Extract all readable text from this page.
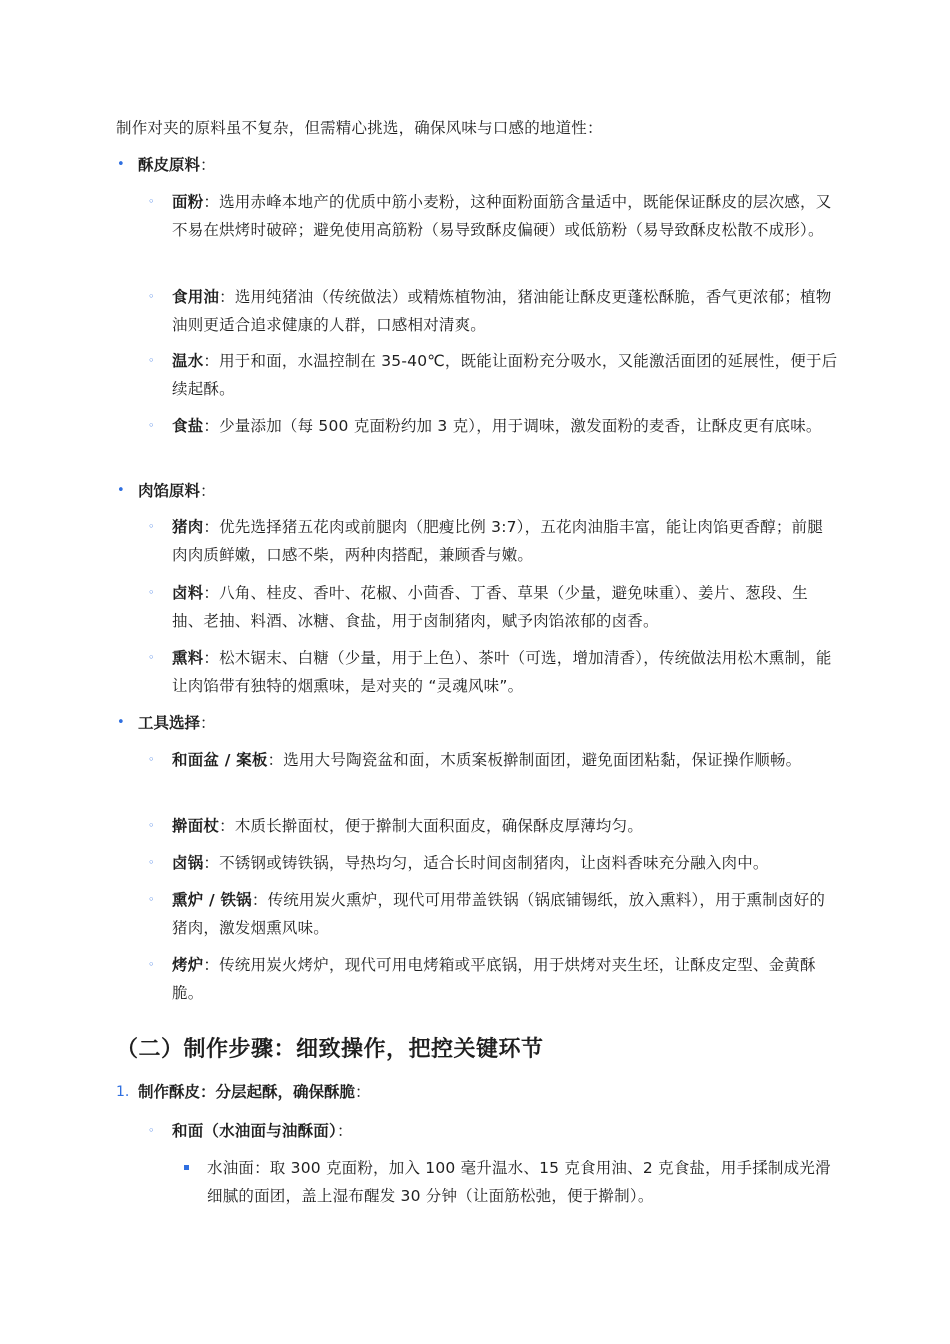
制作对夹的原料虽不复杂，但需精心挑选，确保风味与口感的地道性：
• 酥皮原料：
◦ 面粉：选用赤峰本地产的优质中筋小麦粉，这种面粉面筋含量适中，既能保证酥皮的层次感，又不易在烘烤时破碎；避免使用高筋粉（易导致酥皮偏硬）或低筋粉（易导致酥皮松散不成形）。
◦ 食用油：选用纯猪油（传统做法）或精炼植物油，猪油能让酥皮更蓬松酥脆，香气更浓郁；植物油则更适合追求健康的人群，口感相对清爽。
◦ 温水：用于和面，水温控制在 35-40℃，既能让面粉充分吸水，又能激活面团的延展性，便于后续起酥。
◦ 食盐：少量添加（每 500 克面粉约加 3 克），用于调味，激发面粉的麦香，让酥皮更有底味。
• 肉馅原料：
◦ 猪肉：优先选择猪五花肉或前腿肉（肥瘦比例 3:7），五花肉油脂丰富，能让肉馅更香醇；前腿肉肉质鲜嫩，口感不柴，两种肉搭配，兼顾香与嫩。
◦ 卤料：八角、桂皮、香叶、花椒、小茴香、丁香、草果（少量，避免味重）、姜片、葱段、生抽、老抽、料酒、冰糖、食盐，用于卤制猪肉，赋予肉馅浓郁的卤香。
◦ 熏料：松木锯末、白糖（少量，用于上色）、茶叶（可选，增加清香），传统做法用松木熏制，能让肉馅带有独特的烟熏味，是对夹的 “灵魂风味”。
• 工具选择：
◦ 和面盆 / 案板：选用大号陶瓷盆和面，木质案板擀制面团，避免面团粘黏，保证操作顺畅。
◦ 擀面杖：木质长擀面杖，便于擀制大面积面皮，确保酥皮厚薄均匀。
◦ 卤锅：不锈钢或铸铁锅，导热均匀，适合长时间卤制猪肉，让卤料香味充分融入肉中。
◦ 熏炉 / 铁锅：传统用炭火熏炉，现代可用带盖铁锅（锅底铺锡纸，放入熏料），用于熏制卤好的猪肉，激发烟熏风味。
◦ 烤炉：传统用炭火烤炉，现代可用电烤箱或平底锅，用于烘烤对夹生坯，让酥皮定型、金黄酥脆。
（二）制作步骤：细致操作，把控关键环节
1. 制作酥皮：分层起酥，确保酥脆：
◦ 和面（水油面与油酥面）：
水油面：取 300 克面粉，加入 100 毫升温水、15 克食用油、2 克食盐，用手揉制成光滑细腻的面团，盖上湿布醒发 30 分钟（让面筋松弛，便于擀制）。
